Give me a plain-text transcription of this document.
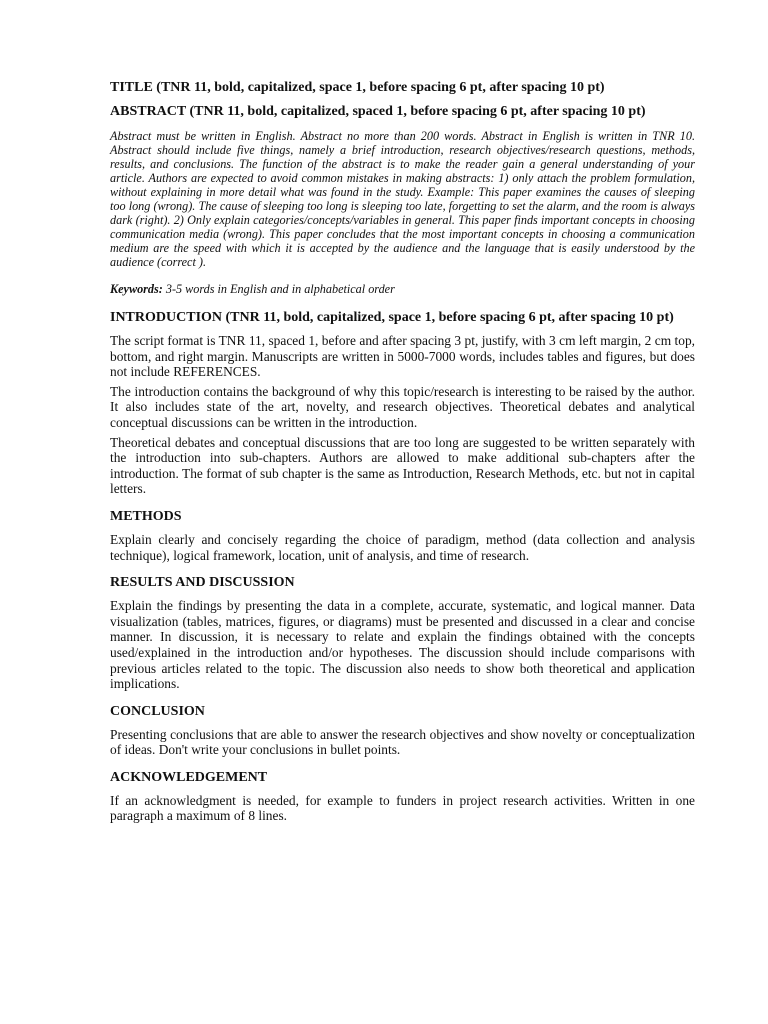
TITLE (TNR 11, bold, capitalized, space 1, before spacing 6 pt, after spacing 10 pt)
ABSTRACT (TNR 11, bold, capitalized, spaced 1, before spacing 6 pt, after spacing 10 pt)
Abstract must be written in English. Abstract no more than 200 words. Abstract in English is written in TNR 10. Abstract should include five things, namely a brief introduction, research objectives/research questions, methods, results, and conclusions. The function of the abstract is to make the reader gain a general understanding of your article. Authors are expected to avoid common mistakes in making abstracts: 1) only attach the problem formulation, without explaining in more detail what was found in the study. Example: This paper examines the causes of sleeping too long (wrong). The cause of sleeping too long is sleeping too late, forgetting to set the alarm, and the room is always dark (right). 2) Only explain categories/concepts/variables in general. This paper finds important concepts in choosing communication media (wrong). This paper concludes that the most important concepts in choosing a communication medium are the speed with which it is accepted by the audience and the language that is easily understood by the audience (correct ).
Keywords: 3-5 words in English and in alphabetical order
INTRODUCTION (TNR 11, bold, capitalized, space 1, before spacing 6 pt, after spacing 10 pt)

The script format is TNR 11, spaced 1, before and after spacing 3 pt, justify, with 3 cm left margin, 2 cm top, bottom, and right margin. Manuscripts are written in 5000-7000 words, includes tables and figures, but does not include REFERENCES.

The introduction contains the background of why this topic/research is interesting to be raised by the author. It also includes state of the art, novelty, and research objectives. Theoretical debates and analytical conceptual discussions can be written in the introduction.

Theoretical debates and conceptual discussions that are too long are suggested to be written separately with the introduction into sub-chapters. Authors are allowed to make additional sub-chapters after the introduction. The format of sub chapter is the same as Introduction, Research Methods, etc. but not in capital letters.

METHODS

Explain clearly and concisely regarding the choice of paradigm, method (data collection and analysis technique), logical framework, location, unit of analysis, and time of research.

RESULTS AND DISCUSSION

Explain the findings by presenting the data in a complete, accurate, systematic, and logical manner. Data visualization (tables, matrices, figures, or diagrams) must be presented and discussed in a clear and concise manner. In discussion, it is necessary to relate and explain the findings obtained with the concepts used/explained in the introduction and/or hypotheses. The discussion should include comparisons with previous articles related to the topic. The discussion also needs to show both theoretical and application implications.

CONCLUSION

Presenting conclusions that are able to answer the research objectives and show novelty or conceptualization of ideas. Don't write your conclusions in bullet points.

ACKNOWLEDGEMENT

If an acknowledgment is needed, for example to funders in project research activities. Written in one paragraph a maximum of 8 lines.
